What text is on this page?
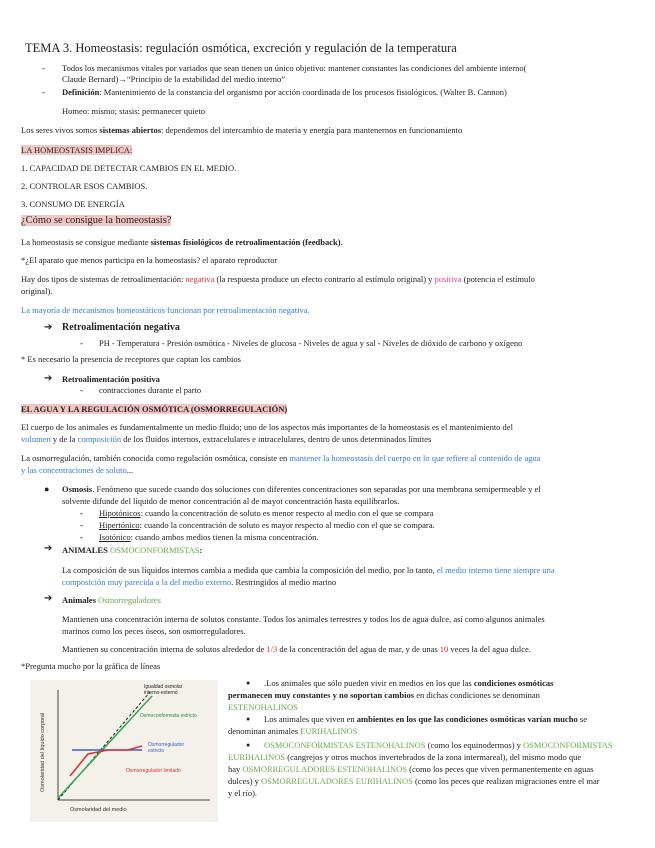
TEMA 3. Homeostasis: regulación osmótica, excreción y regulación de la temperatura
- Todos los mecanismos vitales por variados que sean tienen un único objetivo: mantener constantes las condiciones del ambiente interno(
Claude Bernard)→“Principio de la estabilidad del medio interno”
- Definición: Mantenimiento de la constancia del organismo por acción coordinada de los procesos fisiológicos. (Walter B. Cannon)
Homeo: mismo; stasis: permanecer quieto
Los seres vivos somos sistemas abiertos: dependemos del intercambio de materia y energía para mantenernos en funcionamiento
LA HOMEOSTASIS IMPLICA:
1. CAPACIDAD DE DETECTAR CAMBIOS EN EL MEDIO.
2. CONTROLAR ESOS CAMBIOS.
3. CONSUMO DE ENERGÍA
¿Cómo se consigue la homeostasis?
La homeostasis se consigue mediante sistemas fisiológicos de retroalimentación (feedback).
*¿El aparato que menos participa en la homeostasis? el aparato reproductor
Hay dos tipos de sistemas de retroalimentación: negativa (la respuesta produce un efecto contrario al estímulo original) y positiva (potencia el estímulo
original).
La mayoría de mecanismos homeostáticos funcionan por retroalimentación negativa.
➔ Retroalimentación negativa
- PH - Temperatura - Presión osmótica - Niveles de glucosa - Niveles de agua y sal - Niveles de dióxido de carbono y oxígeno
* Es necesario la presencia de receptores que captan los cambios
➔ Retroalimentación positiva
- contracciones durante el parto
EL AGUA Y LA REGULACIÓN OSMÓTICA (OSMORREGULACIÓN)
El cuerpo de los animales es fundamentalmente un medio fluido; uno de los aspectos más importantes de la homeostasis es el mantenimiento del
volumen y de la composición de los fluidos internos, extracelulares e intracelulares, dentro de unos determinados límites
La osmorregulación, también conocida como regulación osmótica, consiste en mantener la homeostasis del cuerpo en lo que refiere al contenido de agua
y las concentraciones de soluto...
● Osmosis. Fenómeno que sucede cuando dos soluciones con diferentes concentraciones son separadas por una membrana semipermeable y el
solvente difunde del líquido de menor concentración al de mayot concentración hasta equilibrarlos.
- Hipotónicos: cuando la concentración de soluto es menor respecto al medio con el que se compara
- Hipertónico: cuando la concentración de soluto es mayor respecto al medio con el que se compara.
- Isotónico: cuando ambos medios tienen la misma concentración.
➔ ANIMALES OSMOCONFORMISTAS:
La composición de sus líquidos internos cambia a medida que cambia la composición del medio, por lo tanto, el medio interno tiene siempre una
composición muy parecida a la del medio externo. Restringidos al medio marino
➔ Animales Osmorreguladores
Mantienen una concentración interna de solutos constante. Todos los animales terrestres y todos los de agua dulce, así como algunos animales
marinos como los peces óseos, son osmorreguladores.
Mantienen su concentración interna de solutos alrededor de 1/3 de la concentración del agua de mar, y de unas 10 veces la del agua dulce.
*Pregunta mucho por la gráfica de líneas
Osmolaridad del líquido corporal
Osmolaridad del medio
Igualdad osmolar
interno-externo
Osmoconformista estricto
Osmorregulador
estricto
Osmorregulador limitado
● .Los animales que sólo pueden vivir en medios en los que las condiciones osmóticas
permanecen muy constantes y no soportan cambios en dichas condiciones se denominan
ESTENOHALINOS
● Los animales que viven en ambientes en los que las condiciones osmóticas varían mucho se
denominan animales EURIHALINOS
● OSMOCONFORMISTAS ESTENOHALINOS (como los equinodermos) y OSMOCONFORMISTAS
EURIHALINOS (cangrejos y otros muchos invertebrados de la zona intermareal), del mismo modo que
hay OSMORREGULADORES ESTENOHALINOS (como los peces que viven permanentemente en aguas
dulces) y OSMORREGULADORES EURIHALINOS (como los peces que realizan migraciones entre el mar
y el río).
